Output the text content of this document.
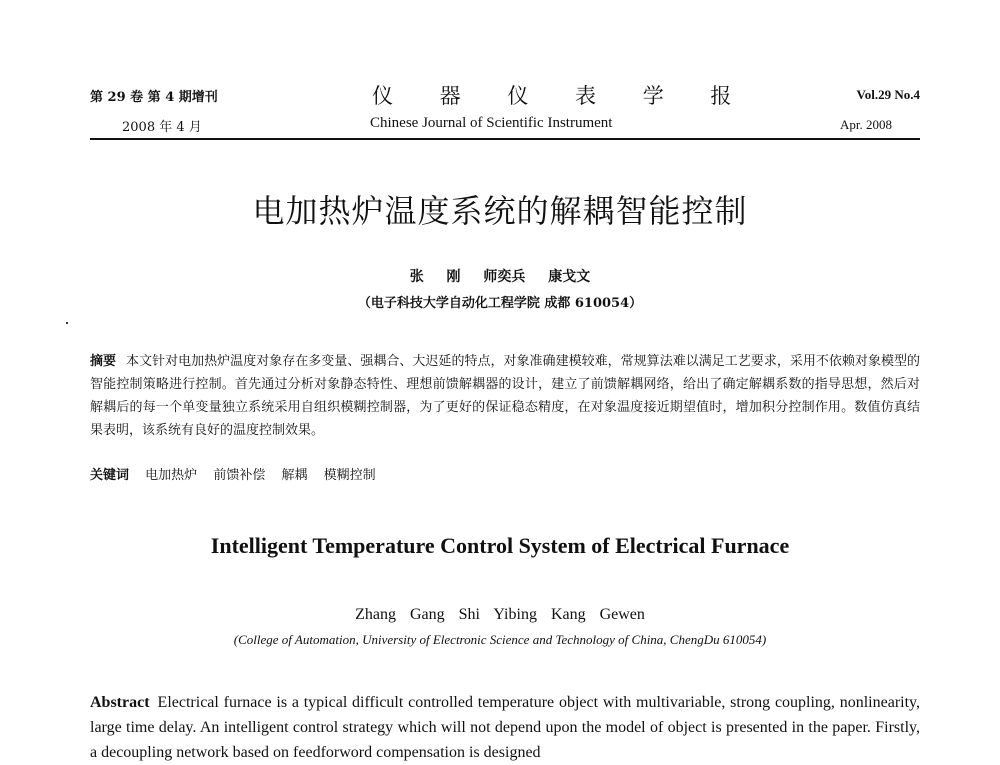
第 29 卷 第 4 期增刊
2008 年 4 月
仪 器 仪 表 学 报
Chinese Journal of Scientific Instrument
Vol.29 No.4
Apr. 2008
电加热炉温度系统的解耦智能控制
张 刚 师奕兵 康戈文
（电子科技大学自动化工程学院 成都 610054）
摘要 本文针对电加热炉温度对象存在多变量、强耦合、大迟延的特点，对象准确建模较难，常规算法难以满足工艺要求，采用不依赖对象模型的智能控制策略进行控制。首先通过分析对象静态特性、理想前馈解耦器的设计，建立了前馈解耦网络，给出了确定解耦系数的指导思想，然后对解耦后的每一个单变量独立系统采用自组织模糊控制器，为了更好的保证稳态精度，在对象温度接近期望值时，增加积分控制作用。数值仿真结果表明，该系统有良好的温度控制效果。
关键词 电加热炉 前馈补偿 解耦 模糊控制
Intelligent Temperature Control System of Electrical Furnace
Zhang Gang Shi Yibing Kang Gewen
(College of Automation, University of Electronic Science and Technology of China, ChengDu 610054)
Abstract Electrical furnace is a typical difficult controlled temperature object with multivariable, strong coupling, nonlinearity, large time delay. An intelligent control strategy which will not depend upon the model of object is presented in the paper. Firstly, a decoupling network based on feedforword compensation is designed
